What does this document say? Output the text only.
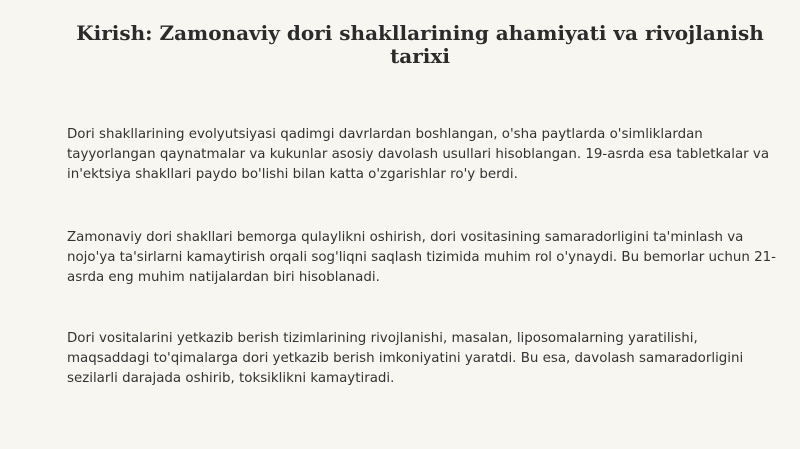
Kirish: Zamonaviy dori shakllarining ahamiyati va rivojlanish tarixi

Dori shakllarining evolyutsiyasi qadimgi davrlardan boshlangan, o'sha paytlarda o'simliklardan tayyorlangan qaynatmalar va kukunlar asosiy davolash usullari hisoblangan. 19-asrda esa tabletkalar va in'ektsiya shakllari paydo bo'lishi bilan katta o'zgarishlar ro'y berdi.

Zamonaviy dori shakllari bemorga qulaylikni oshirish, dori vositasining samaradorligini ta'minlash va nojo'ya ta'sirlarni kamaytirish orqali sog'liqni saqlash tizimida muhim rol o'ynaydi. Bu bemorlar uchun 21-asrda eng muhim natijalardan biri hisoblanadi.

Dori vositalarini yetkazib berish tizimlarining rivojlanishi, masalan, liposomalarning yaratilishi, maqsaddagi to'qimalarga dori yetkazib berish imkoniyatini yaratdi. Bu esa, davolash samaradorligini sezilarli darajada oshirib, toksiklikni kamaytiradi.
